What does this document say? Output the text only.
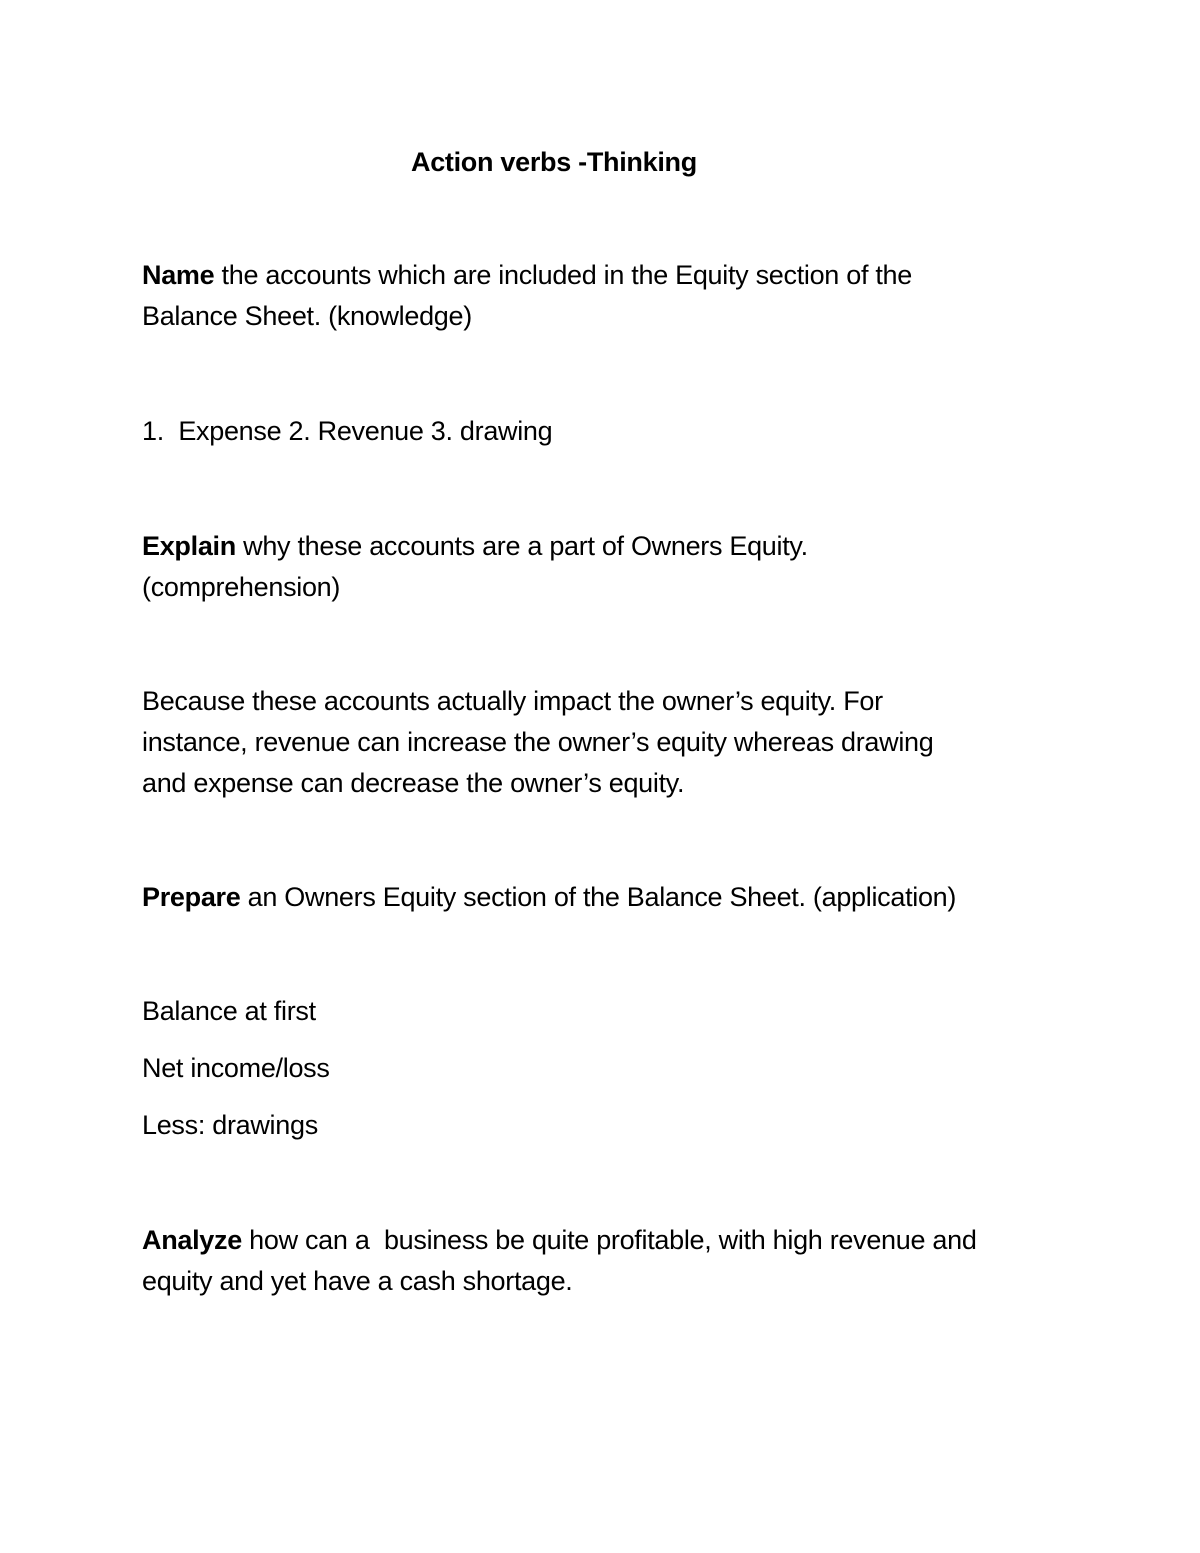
Action verbs -Thinking
Name the accounts which are included in the Equity section of the
Balance Sheet. (knowledge)
1.  Expense 2. Revenue 3. drawing
Explain why these accounts are a part of Owners Equity.
(comprehension)
Because these accounts actually impact the owner’s equity. For
instance, revenue can increase the owner’s equity whereas drawing
and expense can decrease the owner’s equity.
Prepare an Owners Equity section of the Balance Sheet. (application)
Balance at first
Net income/loss
Less: drawings
Analyze how can a  business be quite profitable, with high revenue and
equity and yet have a cash shortage.
